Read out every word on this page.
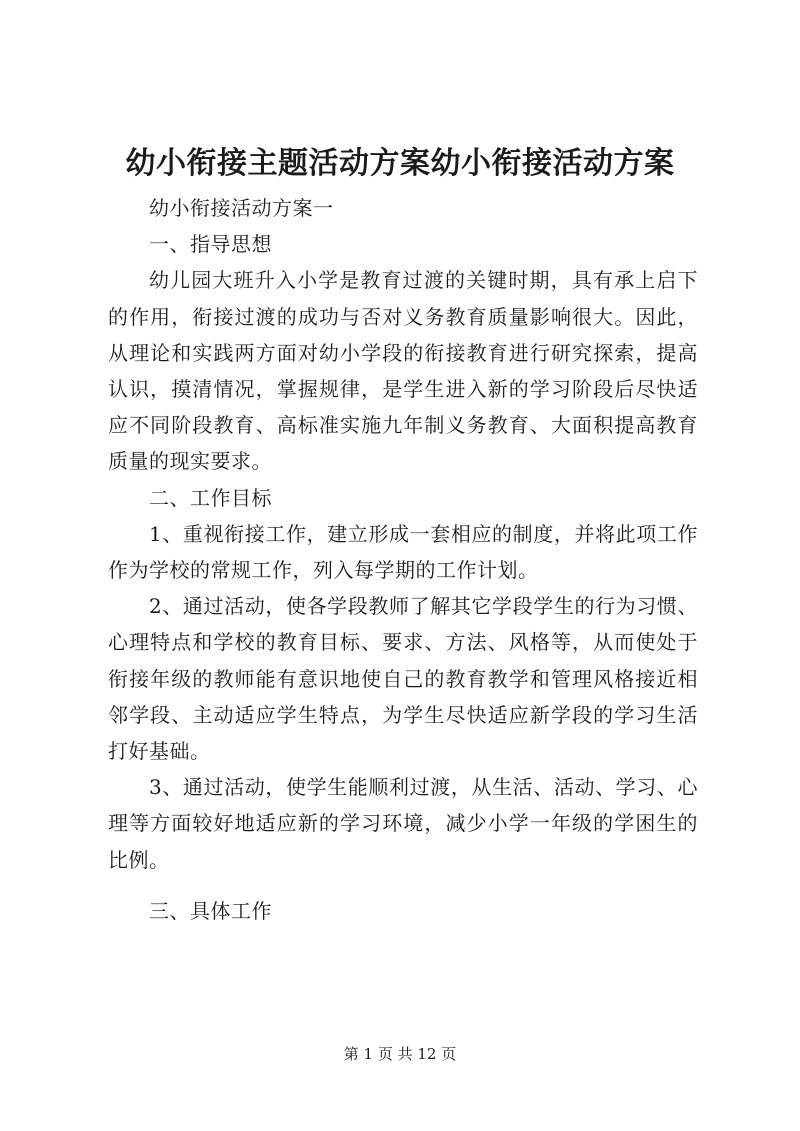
幼小衔接主题活动方案幼小衔接活动方案

幼小衔接活动方案一

一、指导思想

幼儿园大班升入小学是教育过渡的关键时期，具有承上启下的作用，衔接过渡的成功与否对义务教育质量影响很大。因此，从理论和实践两方面对幼小学段的衔接教育进行研究探索，提高认识，摸清情况，掌握规律，是学生进入新的学习阶段后尽快适应不同阶段教育、高标准实施九年制义务教育、大面积提高教育质量的现实要求。

二、工作目标

1、重视衔接工作，建立形成一套相应的制度，并将此项工作作为学校的常规工作，列入每学期的工作计划。

2、通过活动，使各学段教师了解其它学段学生的行为习惯、心理特点和学校的教育目标、要求、方法、风格等，从而使处于衔接年级的教师能有意识地使自己的教育教学和管理风格接近相邻学段、主动适应学生特点，为学生尽快适应新学段的学习生活打好基础。

3、通过活动，使学生能顺利过渡，从生活、活动、学习、心理等方面较好地适应新的学习环境，减少小学一年级的学困生的比例。

三、具体工作

第 1 页 共 12 页
